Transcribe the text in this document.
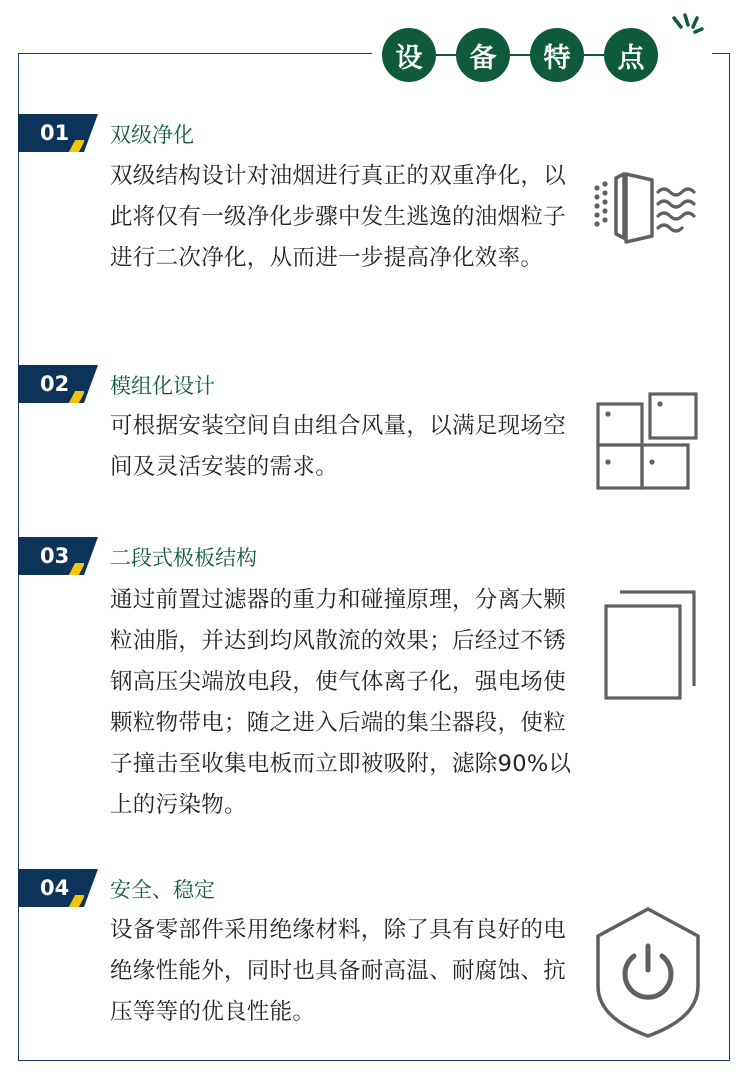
设	备	特	点
01 双级净化
双级结构设计对油烟进行真正的双重净化，以此将仅有一级净化步骤中发生逃逸的油烟粒子进行二次净化，从而进一步提高净化效率。
02 模组化设计
可根据安装空间自由组合风量，以满足现场空间及灵活安装的需求。
03 二段式极板结构
通过前置过滤器的重力和碰撞原理，分离大颗粒油脂，并达到均风散流的效果；后经过不锈钢高压尖端放电段，使气体离子化，强电场使颗粒物带电；随之进入后端的集尘器段，使粒子撞击至收集电板而立即被吸附，滤除90%以上的污染物。
04 安全、稳定
设备零部件采用绝缘材料，除了具有良好的电绝缘性能外，同时也具备耐高温、耐腐蚀、抗压等等的优良性能。
